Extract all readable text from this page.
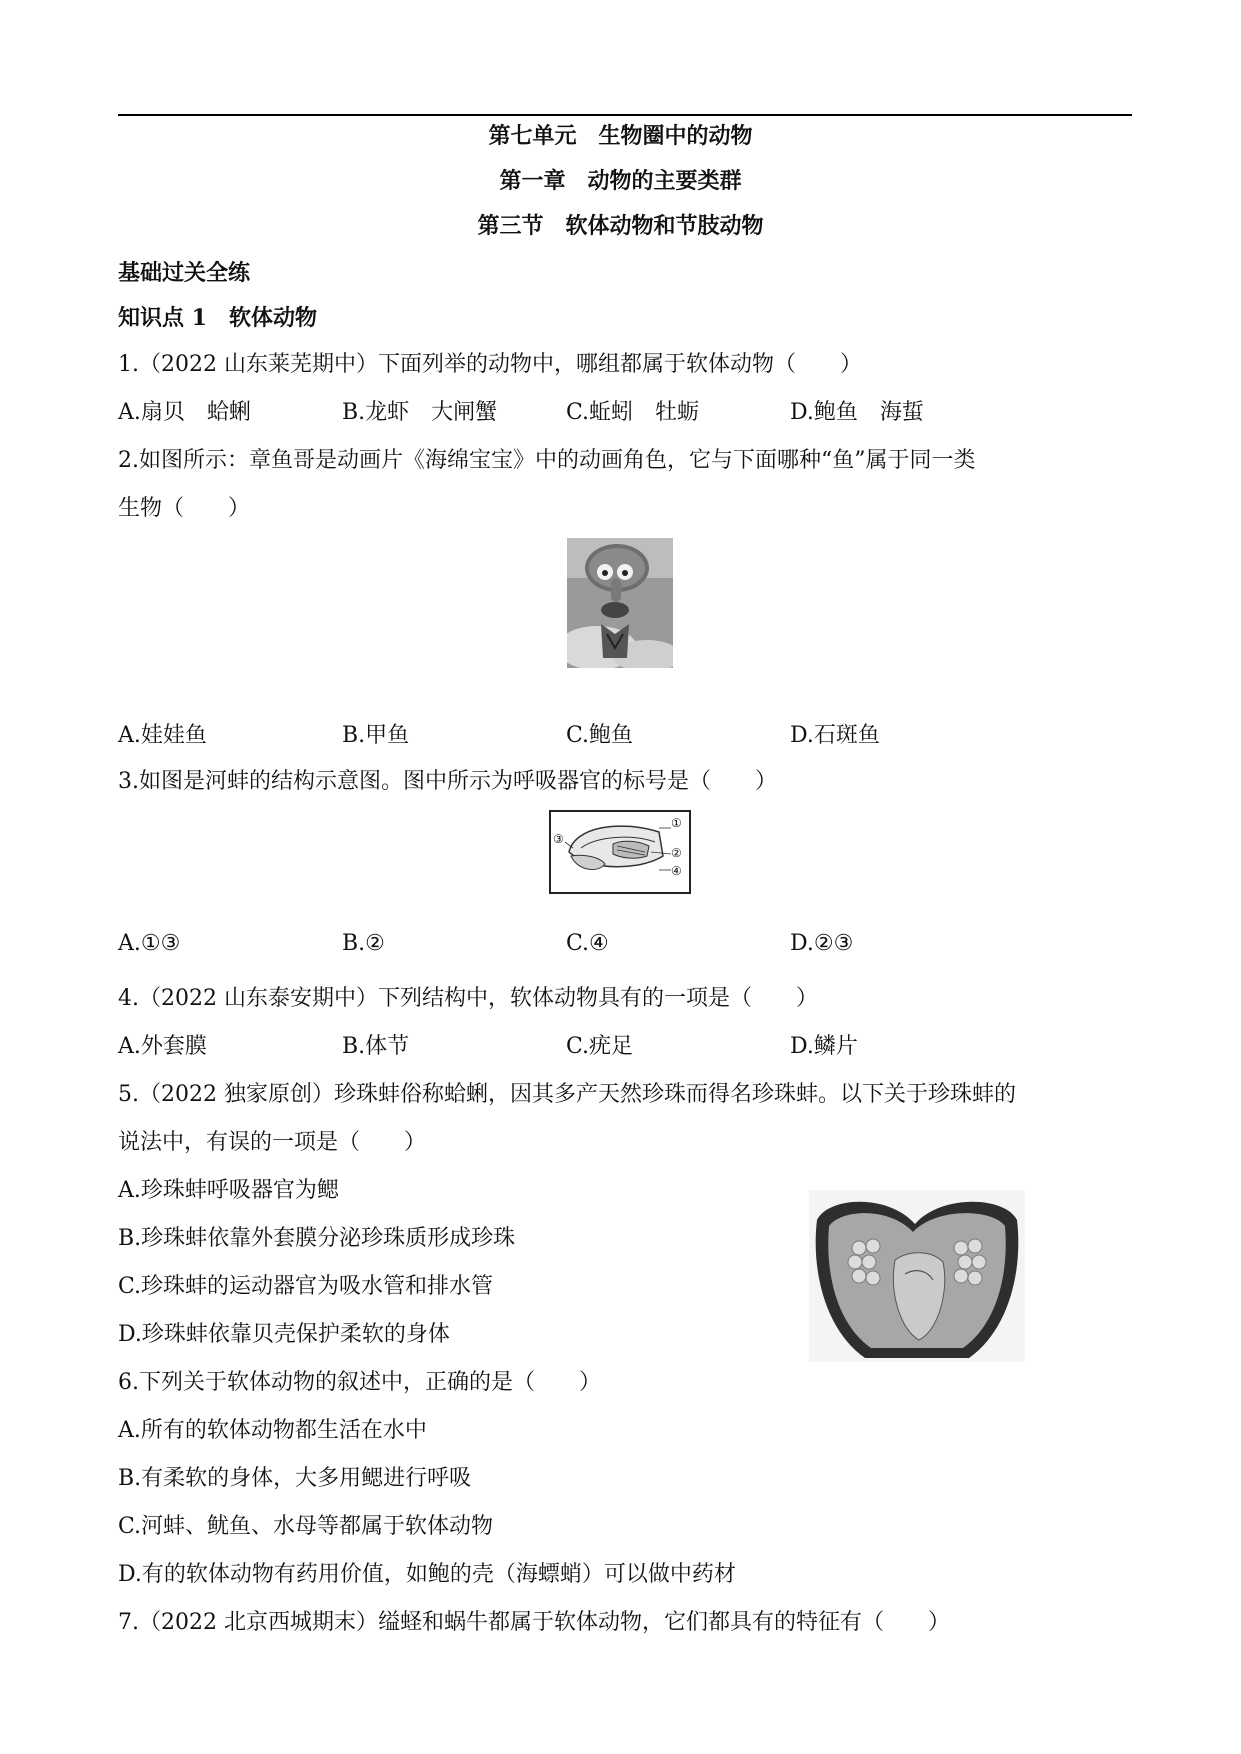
第七单元　生物圈中的动物
第一章　动物的主要类群
第三节　软体动物和节肢动物
基础过关全练
知识点 1　软体动物
1.（2022 山东莱芜期中）下面列举的动物中，哪组都属于软体动物（　　）
A.扇贝　蛤蜊	B.龙虾　大闸蟹	C.蚯蚓　牡蛎	D.鲍鱼　海蜇
2.如图所示：章鱼哥是动画片《海绵宝宝》中的动画角色，它与下面哪种“鱼”属于同一类
生物（　　）
A.娃娃鱼	B.甲鱼	C.鲍鱼	D.石斑鱼
3.如图是河蚌的结构示意图。图中所示为呼吸器官的标号是（　　）
①
②
③
④
A.①③	B.②	C.④	D.②③
4.（2022 山东泰安期中）下列结构中，软体动物具有的一项是（　　）
A.外套膜	B.体节	C.疣足	D.鳞片
5.（2022 独家原创）珍珠蚌俗称蛤蜊，因其多产天然珍珠而得名珍珠蚌。以下关于珍珠蚌的
说法中，有误的一项是（　　）
A.珍珠蚌呼吸器官为鳃
B.珍珠蚌依靠外套膜分泌珍珠质形成珍珠
C.珍珠蚌的运动器官为吸水管和排水管
D.珍珠蚌依靠贝壳保护柔软的身体
6.下列关于软体动物的叙述中，正确的是（　　）
A.所有的软体动物都生活在水中
B.有柔软的身体，大多用鳃进行呼吸
C.河蚌、鱿鱼、水母等都属于软体动物
D.有的软体动物有药用价值，如鲍的壳（海螵蛸）可以做中药材
7.（2022 北京西城期末）缢蛏和蜗牛都属于软体动物，它们都具有的特征有（　　）
